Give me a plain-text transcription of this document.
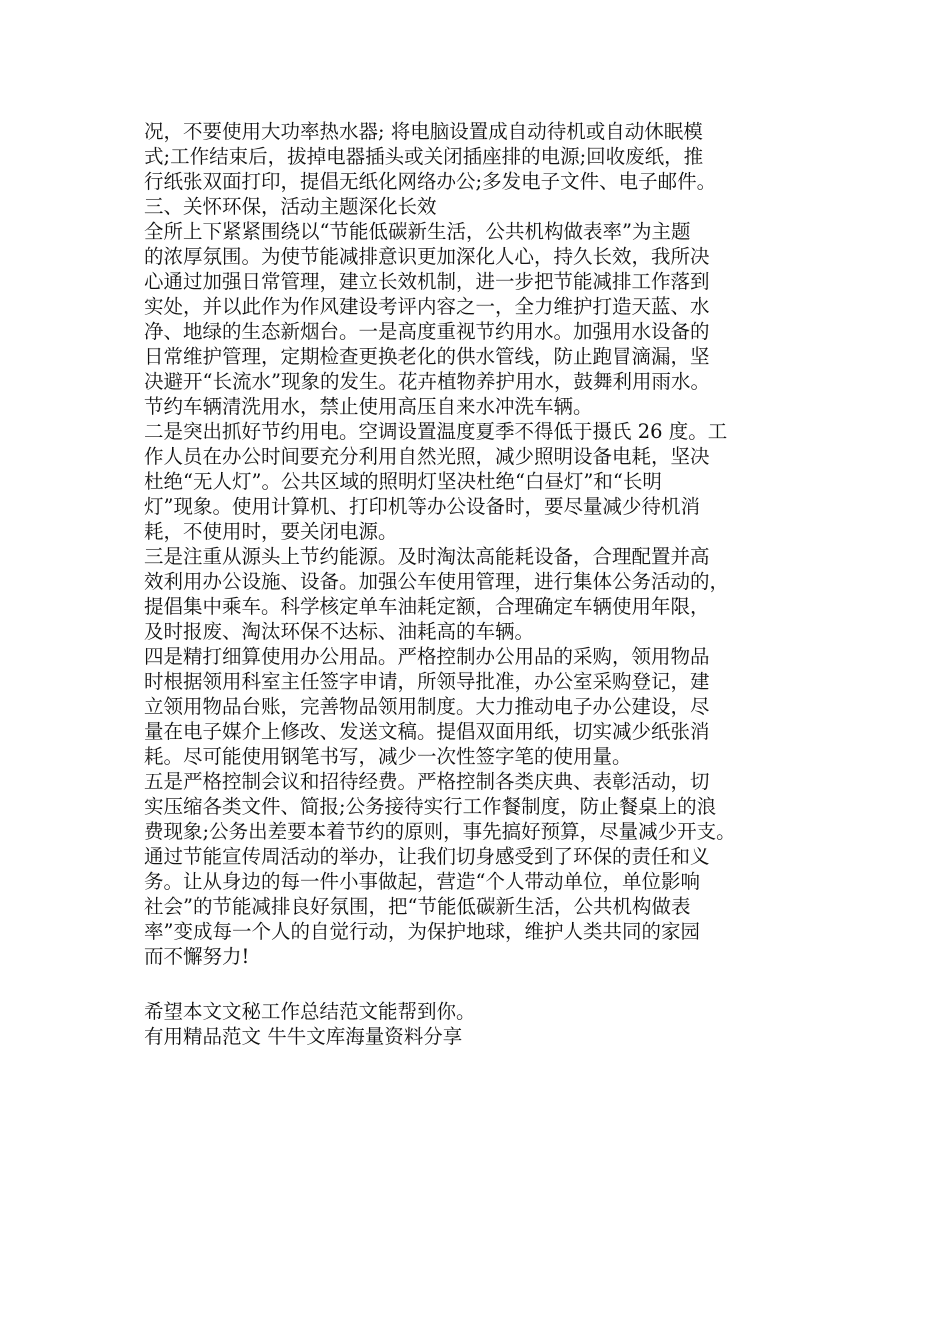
况，不要使用大功率热水器; 将电脑设置成自动待机或自动休眠模
式;工作结束后，拔掉电器插头或关闭插座排的电源;回收废纸，推
行纸张双面打印，提倡无纸化网络办公;多发电子文件、电子邮件。
三、关怀环保，活动主题深化长效
全所上下紧紧围绕以“节能低碳新生活，公共机构做表率”为主题
的浓厚氛围。为使节能减排意识更加深化人心，持久长效，我所决
心通过加强日常管理，建立长效机制，进一步把节能减排工作落到
实处，并以此作为作风建设考评内容之一，全力维护打造天蓝、水
净、地绿的生态新烟台。一是高度重视节约用水。加强用水设备的
日常维护管理，定期检查更换老化的供水管线，防止跑冒滴漏，坚
决避开“长流水”现象的发生。花卉植物养护用水，鼓舞利用雨水。
节约车辆清洗用水，禁止使用高压自来水冲洗车辆。
二是突出抓好节约用电。空调设置温度夏季不得低于摄氏 26 度。工
作人员在办公时间要充分利用自然光照，减少照明设备电耗，坚决
杜绝“无人灯”。公共区域的照明灯坚决杜绝“白昼灯”和“长明
灯”现象。使用计算机、打印机等办公设备时，要尽量减少待机消
耗，不使用时，要关闭电源。
三是注重从源头上节约能源。及时淘汰高能耗设备，合理配置并高
效利用办公设施、设备。加强公车使用管理，进行集体公务活动的，
提倡集中乘车。科学核定单车油耗定额，合理确定车辆使用年限，
及时报废、淘汰环保不达标、油耗高的车辆。
四是精打细算使用办公用品。严格控制办公用品的采购，领用物品
时根据领用科室主任签字申请，所领导批准，办公室采购登记，建
立领用物品台账，完善物品领用制度。大力推动电子办公建设，尽
量在电子媒介上修改、发送文稿。提倡双面用纸，切实减少纸张消
耗。尽可能使用钢笔书写，减少一次性签字笔的使用量。
五是严格控制会议和招待经费。严格控制各类庆典、表彰活动，切
实压缩各类文件、简报;公务接待实行工作餐制度，防止餐桌上的浪
费现象;公务出差要本着节约的原则，事先搞好预算，尽量减少开支。
通过节能宣传周活动的举办，让我们切身感受到了环保的责任和义
务。让从身边的每一件小事做起，营造“个人带动单位，单位影响
社会”的节能减排良好氛围，把“节能低碳新生活，公共机构做表
率”变成每一个人的自觉行动，为保护地球，维护人类共同的家园
而不懈努力!
希望本文文秘工作总结范文能帮到你。
有用精品范文 牛牛文库海量资料分享
